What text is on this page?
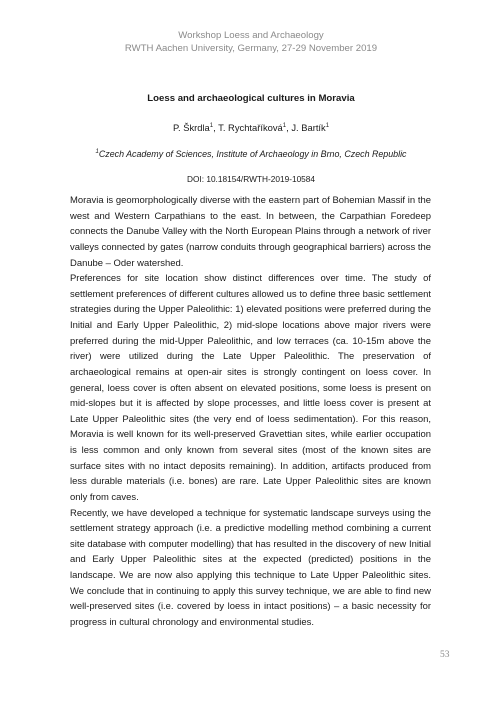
Workshop Loess and Archaeology
RWTH Aachen University, Germany, 27-29 November 2019
Loess and archaeological cultures in Moravia
P. Škrdla$^1$, T. Rychtaříková$^1$, J. Bartík$^1$
$^1$Czech Academy of Sciences, Institute of Archaeology in Brno, Czech Republic
DOI: 10.18154/RWTH-2019-10584

Moravia is geomorphologically diverse with the eastern part of Bohemian Massif in the west and Western Carpathians to the east. In between, the Carpathian Foredeep connects the Danube Valley with the North European Plains through a network of river valleys connected by gates (narrow conduits through geographical barriers) across the Danube – Oder watershed.

Preferences for site location show distinct differences over time. The study of settlement preferences of different cultures allowed us to define three basic settlement strategies during the Upper Paleolithic: 1) elevated positions were preferred during the Initial and Early Upper Paleolithic, 2) mid-slope locations above major rivers were preferred during the mid-Upper Paleolithic, and low terraces (ca. 10-15m above the river) were utilized during the Late Upper Paleolithic. The preservation of archaeological remains at open-air sites is strongly contingent on loess cover. In general, loess cover is often absent on elevated positions, some loess is present on mid-slopes but it is affected by slope processes, and little loess cover is present at Late Upper Paleolithic sites (the very end of loess sedimentation). For this reason, Moravia is well known for its well-preserved Gravettian sites, while earlier occupation is less common and only known from several sites (most of the known sites are surface sites with no intact deposits remaining). In addition, artifacts produced from less durable materials (i.e. bones) are rare. Late Upper Paleolithic sites are known only from caves.

Recently, we have developed a technique for systematic landscape surveys using the settlement strategy approach (i.e. a predictive modelling method combining a current site database with computer modelling) that has resulted in the discovery of new Initial and Early Upper Paleolithic sites at the expected (predicted) positions in the landscape. We are now also applying this technique to Late Upper Paleolithic sites. We conclude that in continuing to apply this survey technique, we are able to find new well-preserved sites (i.e. covered by loess in intact positions) – a basic necessity for progress in cultural chronology and environmental studies.

53
